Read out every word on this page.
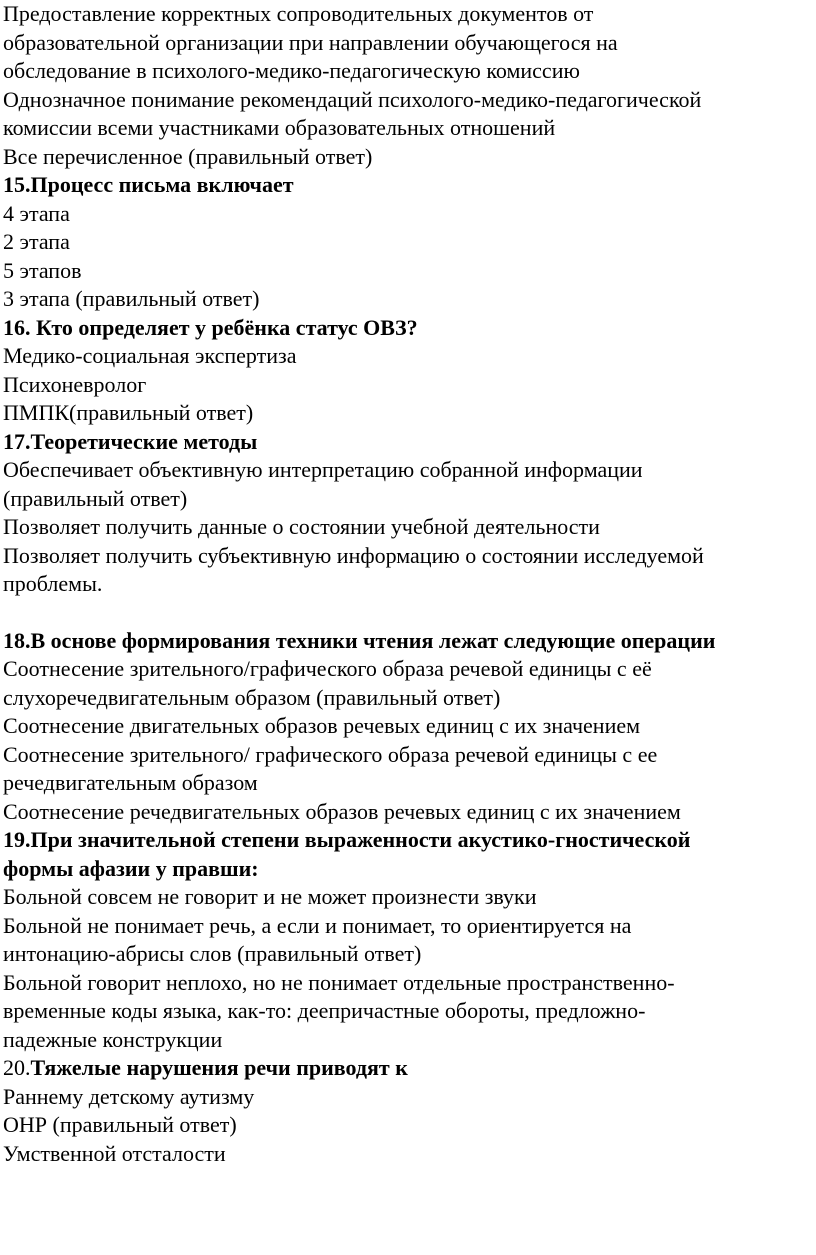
Предоставление корректных сопроводительных документов от

образовательной организации при направлении обучающегося на

обследование в психолого-медико-педагогическую комиссию

Однозначное понимание рекомендаций психолого-медико-педагогической

комиссии всеми участниками образовательных отношений

Все перечисленное (правильный ответ)

15.Процесс письма включает

4 этапа

2 этапа

5 этапов

3 этапа (правильный ответ)

16. Кто определяет у ребёнка статус ОВЗ?

Медико-социальная экспертиза

Психоневролог

ПМПК(правильный ответ)

17.Теоретические методы

Обеспечивает объективную интерпретацию собранной информации

(правильный ответ)

Позволяет получить данные о состоянии учебной деятельности

Позволяет получить субъективную информацию о состоянии исследуемой

проблемы.

18.В основе формирования техники чтения лежат следующие операции

Соотнесение зрительного/графического образа речевой единицы с её

слухоречедвигательным образом (правильный ответ)

Соотнесение двигательных образов речевых единиц с их значением

Соотнесение зрительного/ графического образа речевой единицы с ее

речедвигательным образом

Соотнесение речедвигательных образов речевых единиц с их значением

19.При значительной степени выраженности акустико-гностической

формы афазии у правши:

Больной совсем не говорит и не может произнести звуки

Больной не понимает речь, а если и понимает, то ориентируется на

интонацию-абрисы слов (правильный ответ)

Больной говорит неплохо, но не понимает отдельные пространственно-

временные коды языка, как-то: деепричастные обороты, предложно-

падежные конструкции

20.Тяжелые нарушения речи приводят к

Раннему детскому аутизму

ОНР (правильный ответ)

Умственной отсталости
